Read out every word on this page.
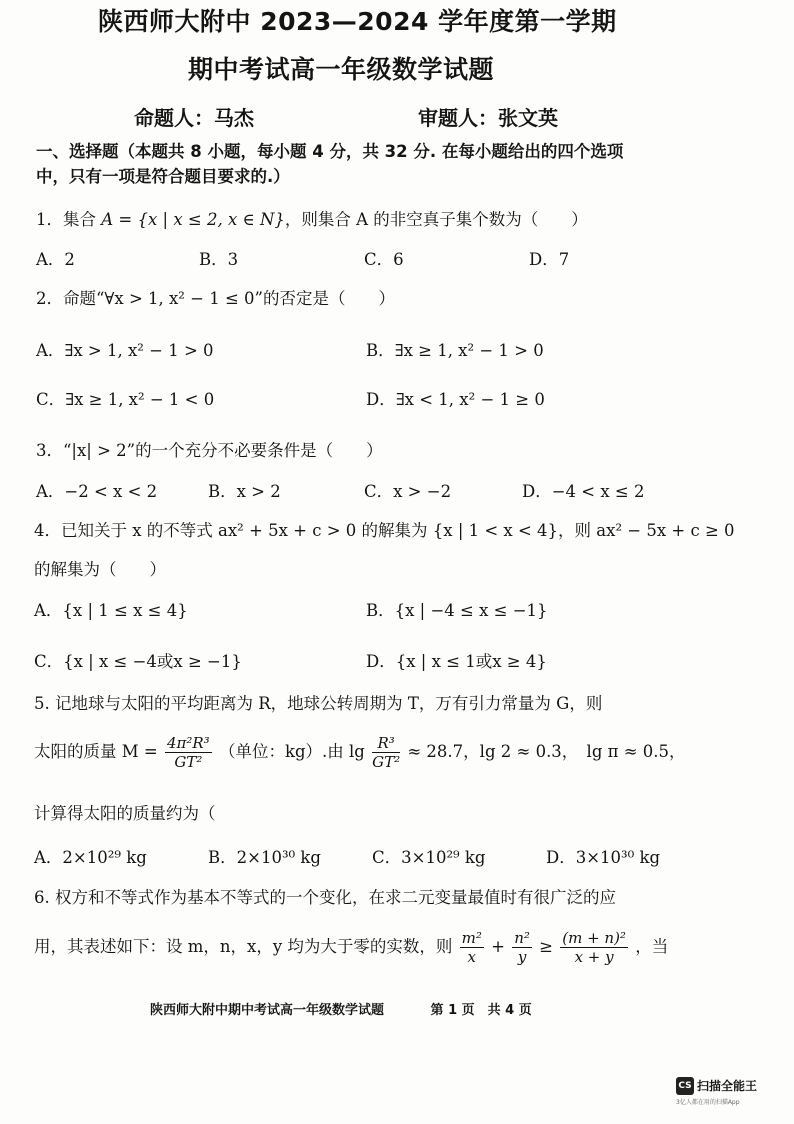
陕西师大附中 2023—2024 学年度第一学期
期中考试高一年级数学试题
命题人：马杰	审题人：张文英
一、选择题（本题共 8 小题，每小题 4 分，共 32 分. 在每小题给出的四个选项
中，只有一项是符合题目要求的.）
1．集合 A = {x | x ≤ 2, x ∈ N}，则集合 A 的非空真子集个数为（　　）
A．2	B．3	C．6	D．7
2．命题“∀x > 1, x² − 1 ≤ 0”的否定是（　　）
A．∃x > 1, x² − 1 > 0	B．∃x ≥ 1, x² − 1 > 0
C．∃x ≥ 1, x² − 1 < 0	D．∃x < 1, x² − 1 ≥ 0
3．“|x| > 2”的一个充分不必要条件是（　　）
A．−2 < x < 2	B．x > 2	C．x > −2	D．−4 < x ≤ 2
4．已知关于 x 的不等式 ax² + 5x + c > 0 的解集为 {x | 1 < x < 4}，则 ax² − 5x + c ≥ 0
的解集为（　　）
A．{x | 1 ≤ x ≤ 4}	B．{x | −4 ≤ x ≤ −1}
C．{x | x ≤ −4或x ≥ −1}	D．{x | x ≤ 1或x ≥ 4}
5. 记地球与太阳的平均距离为 R，地球公转周期为 T，万有引力常量为 G，则
太阳的质量 $M = \frac{\text{4π²R³}}{\text{GT²}}$ （单位：kg）.由 $\lg \frac{\text{R³}}{\text{GT²}} \approx 28.7$，lg 2 ≈ 0.3，　lg π ≈ 0.5，
计算得太阳的质量约为（
A．2×10²⁹ kg	B．2×10³⁰ kg	C．3×10²⁹ kg	D．3×10³⁰ kg
6. 权方和不等式作为基本不等式的一个变化，在求二元变量最值时有很广泛的应
用，其表述如下：设 m，n，x，y 均为大于零的实数，则 $\frac{\text{m²}}{x} + \frac{\text{n²}}{y} \ge \frac{\text{(m + n)²}}{x + y}$ ，当
陕西师大附中期中考试高一年级数学试题	第 1 页　共 4 页
CS 扫描全能王
3亿人都在用的扫描App
